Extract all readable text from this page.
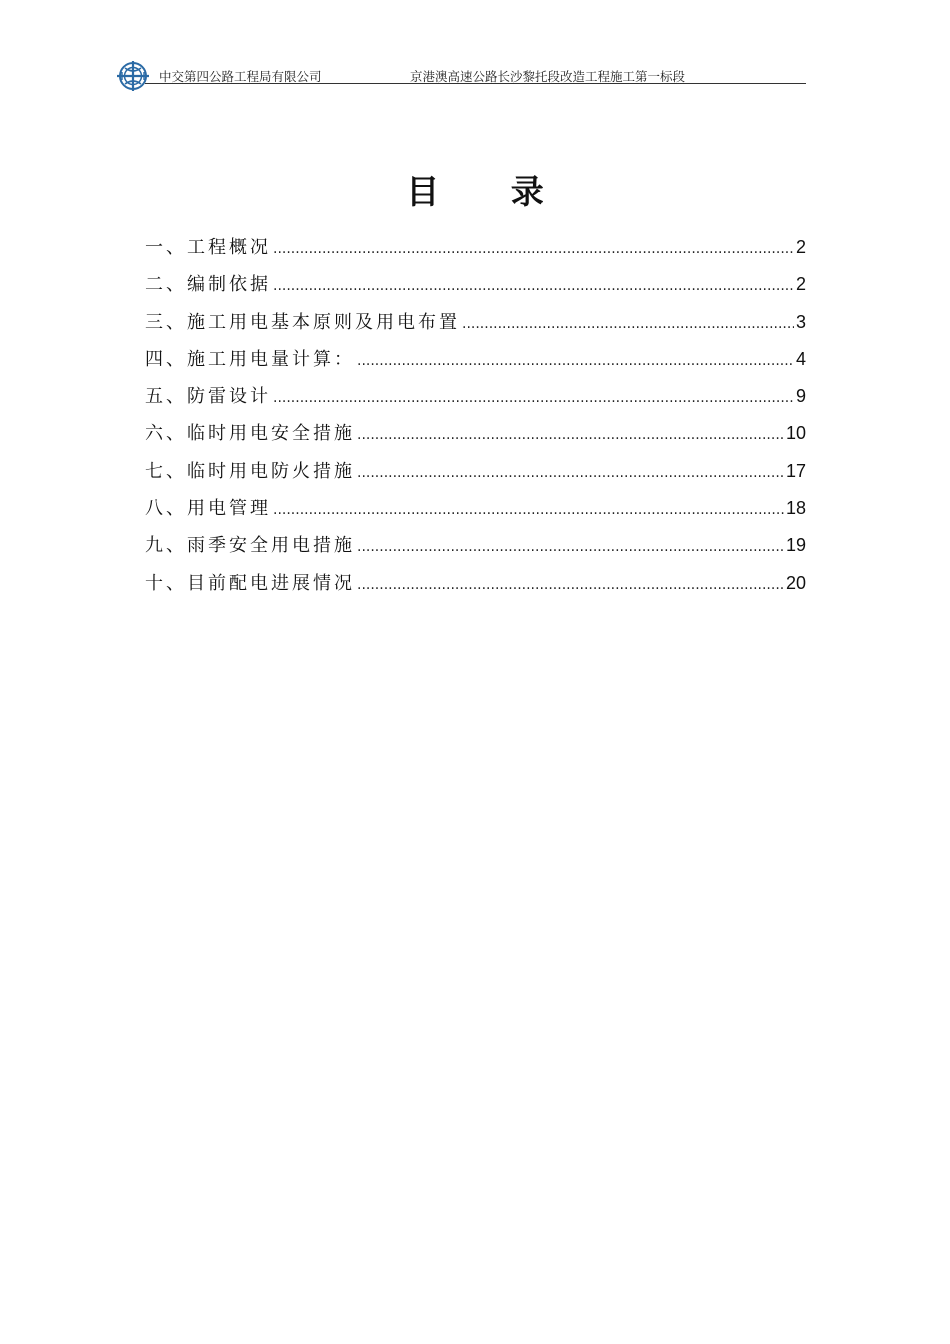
中交第四公路工程局有限公司	京港澳高速公路长沙黎托段改造工程施工第一标段
目 录
一、工程概况 .....	2
二、编制依据 .....	2
三、施工用电基本原则及用电布置 .....	3
四、施工用电量计算： .....	4
五、防雷设计 .....	9
六、临时用电安全措施 .....	10
七、临时用电防火措施 .....	17
八、用电管理 .....	18
九、雨季安全用电措施 .....	19
十、目前配电进展情况 .....	20
